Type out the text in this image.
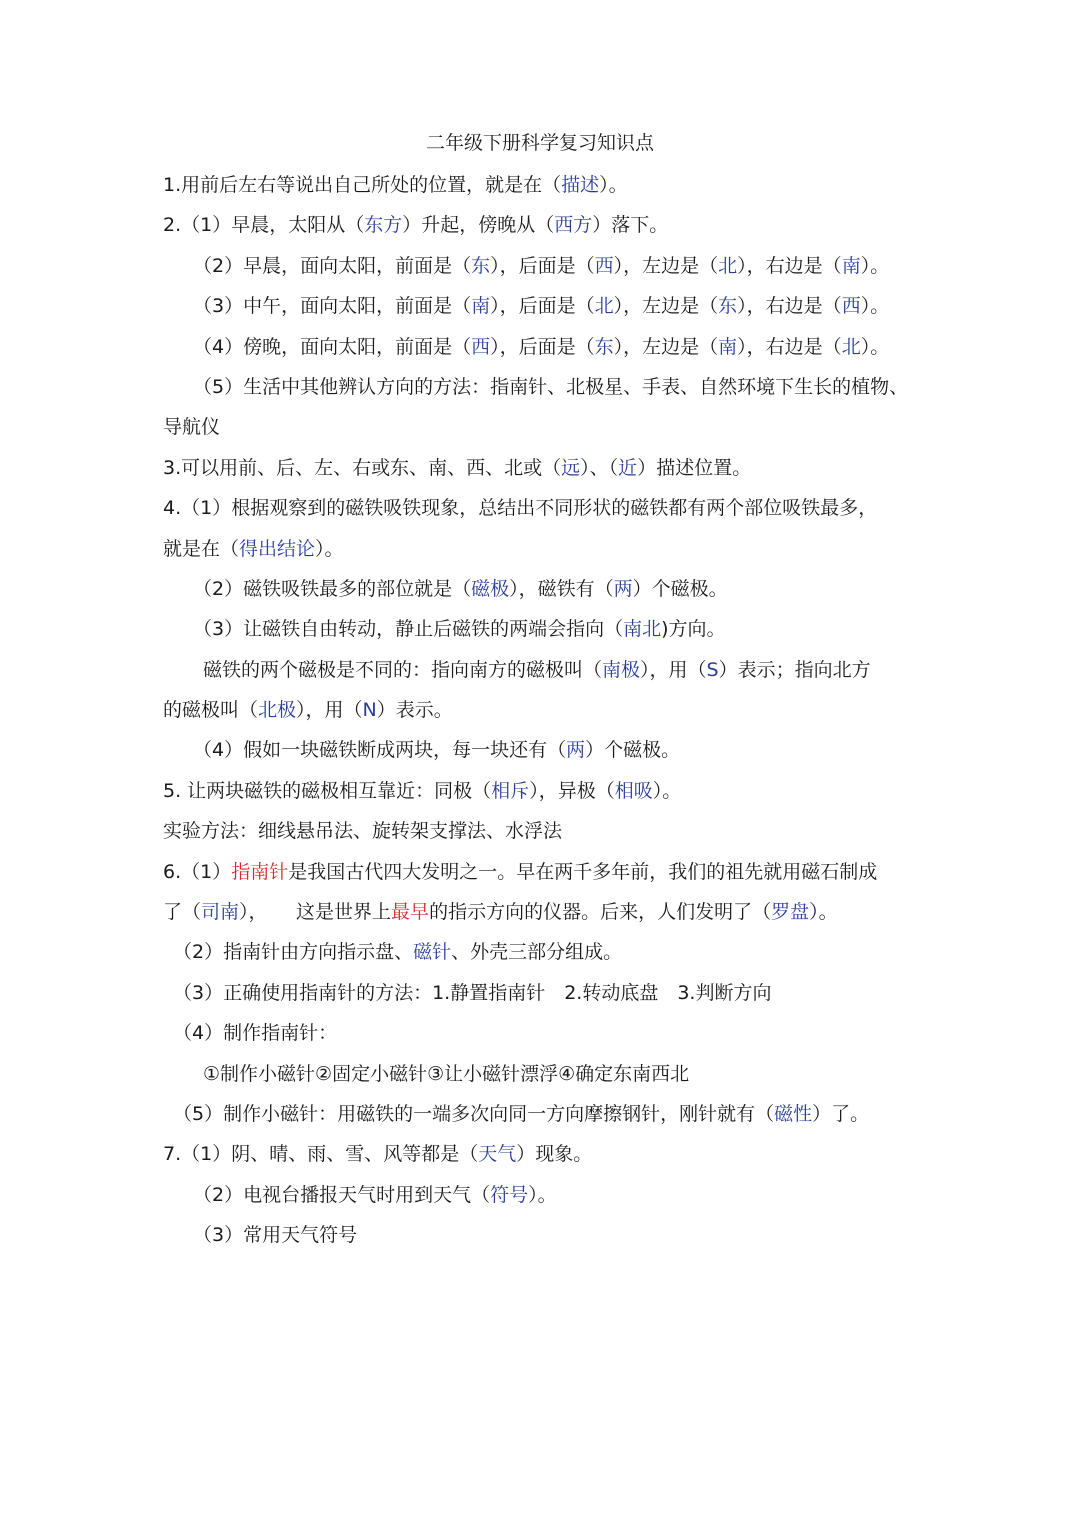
二年级下册科学复习知识点
1.用前后左右等说出自己所处的位置，就是在（描述）。
2.（1）早晨，太阳从（东方）升起，傍晚从（西方）落下。
（2）早晨，面向太阳，前面是（东），后面是（西），左边是（北），右边是（南）。
（3）中午，面向太阳，前面是（南），后面是（北），左边是（东），右边是（西）。
（4）傍晚，面向太阳，前面是（西），后面是（东），左边是（南），右边是（北）。
（5）生活中其他辨认方向的方法：指南针、北极星、手表、自然环境下生长的植物、
导航仪
3.可以用前、后、左、右或东、南、西、北或（远）、（近）描述位置。
4.（1）根据观察到的磁铁吸铁现象，总结出不同形状的磁铁都有两个部位吸铁最多，
就是在（得出结论）。
（2）磁铁吸铁最多的部位就是（磁极），磁铁有（两）个磁极。
（3）让磁铁自由转动，静止后磁铁的两端会指向（南北)方向。
磁铁的两个磁极是不同的：指向南方的磁极叫（南极），用（S）表示；指向北方
的磁极叫（北极），用（N）表示。
（4）假如一块磁铁断成两块，每一块还有（两）个磁极。
5. 让两块磁铁的磁极相互靠近：同极（相斥），异极（相吸）。
实验方法：细线悬吊法、旋转架支撑法、水浮法
6.（1）指南针是我国古代四大发明之一。早在两千多年前，我们的祖先就用磁石制成
了（司南），　　这是世界上最早的指示方向的仪器。后来，人们发明了（罗盘）。
（2）指南针由方向指示盘、磁针、外壳三部分组成。
（3）正确使用指南针的方法：1.静置指南针　2.转动底盘　3.判断方向
（4）制作指南针：
①制作小磁针②固定小磁针③让小磁针漂浮④确定东南西北
（5）制作小磁针：用磁铁的一端多次向同一方向摩擦钢针，刚针就有（磁性）了。
7.（1）阴、晴、雨、雪、风等都是（天气）现象。
（2）电视台播报天气时用到天气（符号）。
（3）常用天气符号
